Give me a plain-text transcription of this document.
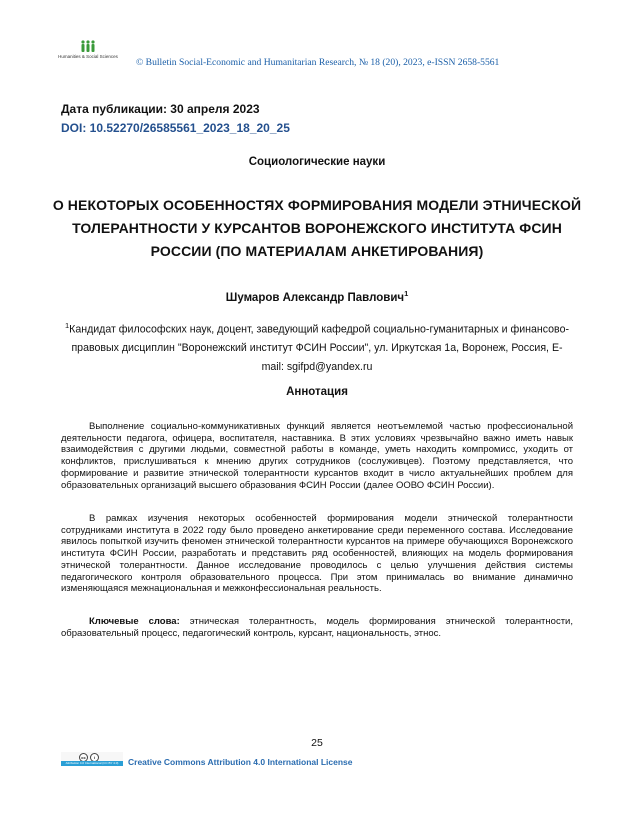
Humanities & Social Sciences
© Bulletin Social-Economic and Humanitarian Research, № 18 (20), 2023, e-ISSN 2658-5561
Дата публикации: 30 апреля 2023
DOI: 10.52270/26585561_2023_18_20_25
Социологические науки
О НЕКОТОРЫХ ОСОБЕННОСТЯХ ФОРМИРОВАНИЯ МОДЕЛИ ЭТНИЧЕСКОЙ ТОЛЕРАНТНОСТИ У КУРСАНТОВ ВОРОНЕЖСКОГО ИНСТИТУТА ФСИН РОССИИ (ПО МАТЕРИАЛАМ АНКЕТИРОВАНИЯ)
Шумаров Александр Павлович$^1$
$^1$Кандидат философских наук, доцент, заведующий кафедрой социально-гуманитарных и финансово-правовых дисциплин "Воронежский институт ФСИН России", ул. Иркутская 1а, Воронеж, Россия, E-mail: sgifpd@yandex.ru
Аннотация

Выполнение социально-коммуникативных функций является неотъемлемой частью профессиональной деятельности педагога, офицера, воспитателя, наставника. В этих условиях чрезвычайно важно иметь навык взаимодействия с другими людьми, совместной работы в команде, уметь находить компромисс, уходить от конфликтов, прислушиваться к мнению других сотрудников (сослуживцев). Поэтому представляется, что формирование и развитие этнической толерантности курсантов входит в число актуальнейших проблем для образовательных организаций высшего образования ФСИН России (далее ООВО ФСИН России).

В рамках изучения некоторых особенностей формирования модели этнической толерантности сотрудниками института в 2022 году было проведено анкетирование среди переменного состава. Исследование явилось попыткой изучить феномен этнической толерантности курсантов на примере обучающихся Воронежского института ФСИН России, разработать и представить ряд особенностей, влияющих на модель формирования этнической толерантности. Данное исследование проводилось с целью улучшения действия системы педагогического контроля образовательного процесса. При этом принималась во внимание динамично изменяющаяся межнациональная и межконфессиональная реальность.

Ключевые слова: этническая толерантность, модель формирования этнической толерантности, образовательный процесс, педагогический контроль, курсант, национальность, этнос.

25
cc	i
Attribution 4.0 International (CC BY 4.0)	Creative Commons Attribution 4.0 International License
